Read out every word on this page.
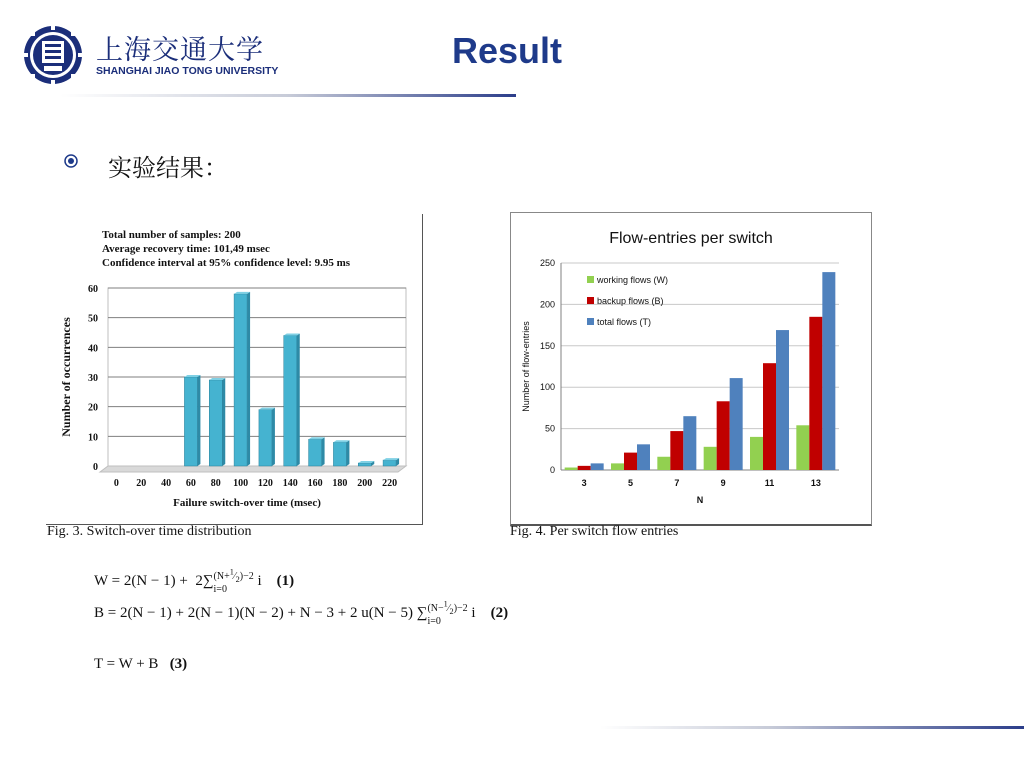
上海交通大学
SHANGHAI JIAO TONG UNIVERSITY	Result
实验结果：
Total number of samples: 200
Average recovery time: 101,49 msec
Confidence interval at 95% confidence level: 9.95 ms
0
10
20
30
40
50
60
0 20 40 60 80 100 120 140 160 180 200 220
Failure switch-over time (msec)
Number of occurrences
Fig. 3. Switch-over time distribution
Flow-entries per switch
0
50
100
150
200
250
3	5	7	9	11	13
N
Number of flow-entries
working flows (W)
backup flows (B)
total flows (T)
Fig. 4. Per switch flow entries
$W = 2(N - 1) + 2\sum(N+^1⁄_2)-2$
i=0 i    (1)
B = 2(N − 1) + 2(N − 1)(N − 2) + N − 3 + 2 u(N − 5) $\sum(N-^1⁄_2)-2$
i=0 i    (2)
T = W + B (3)
